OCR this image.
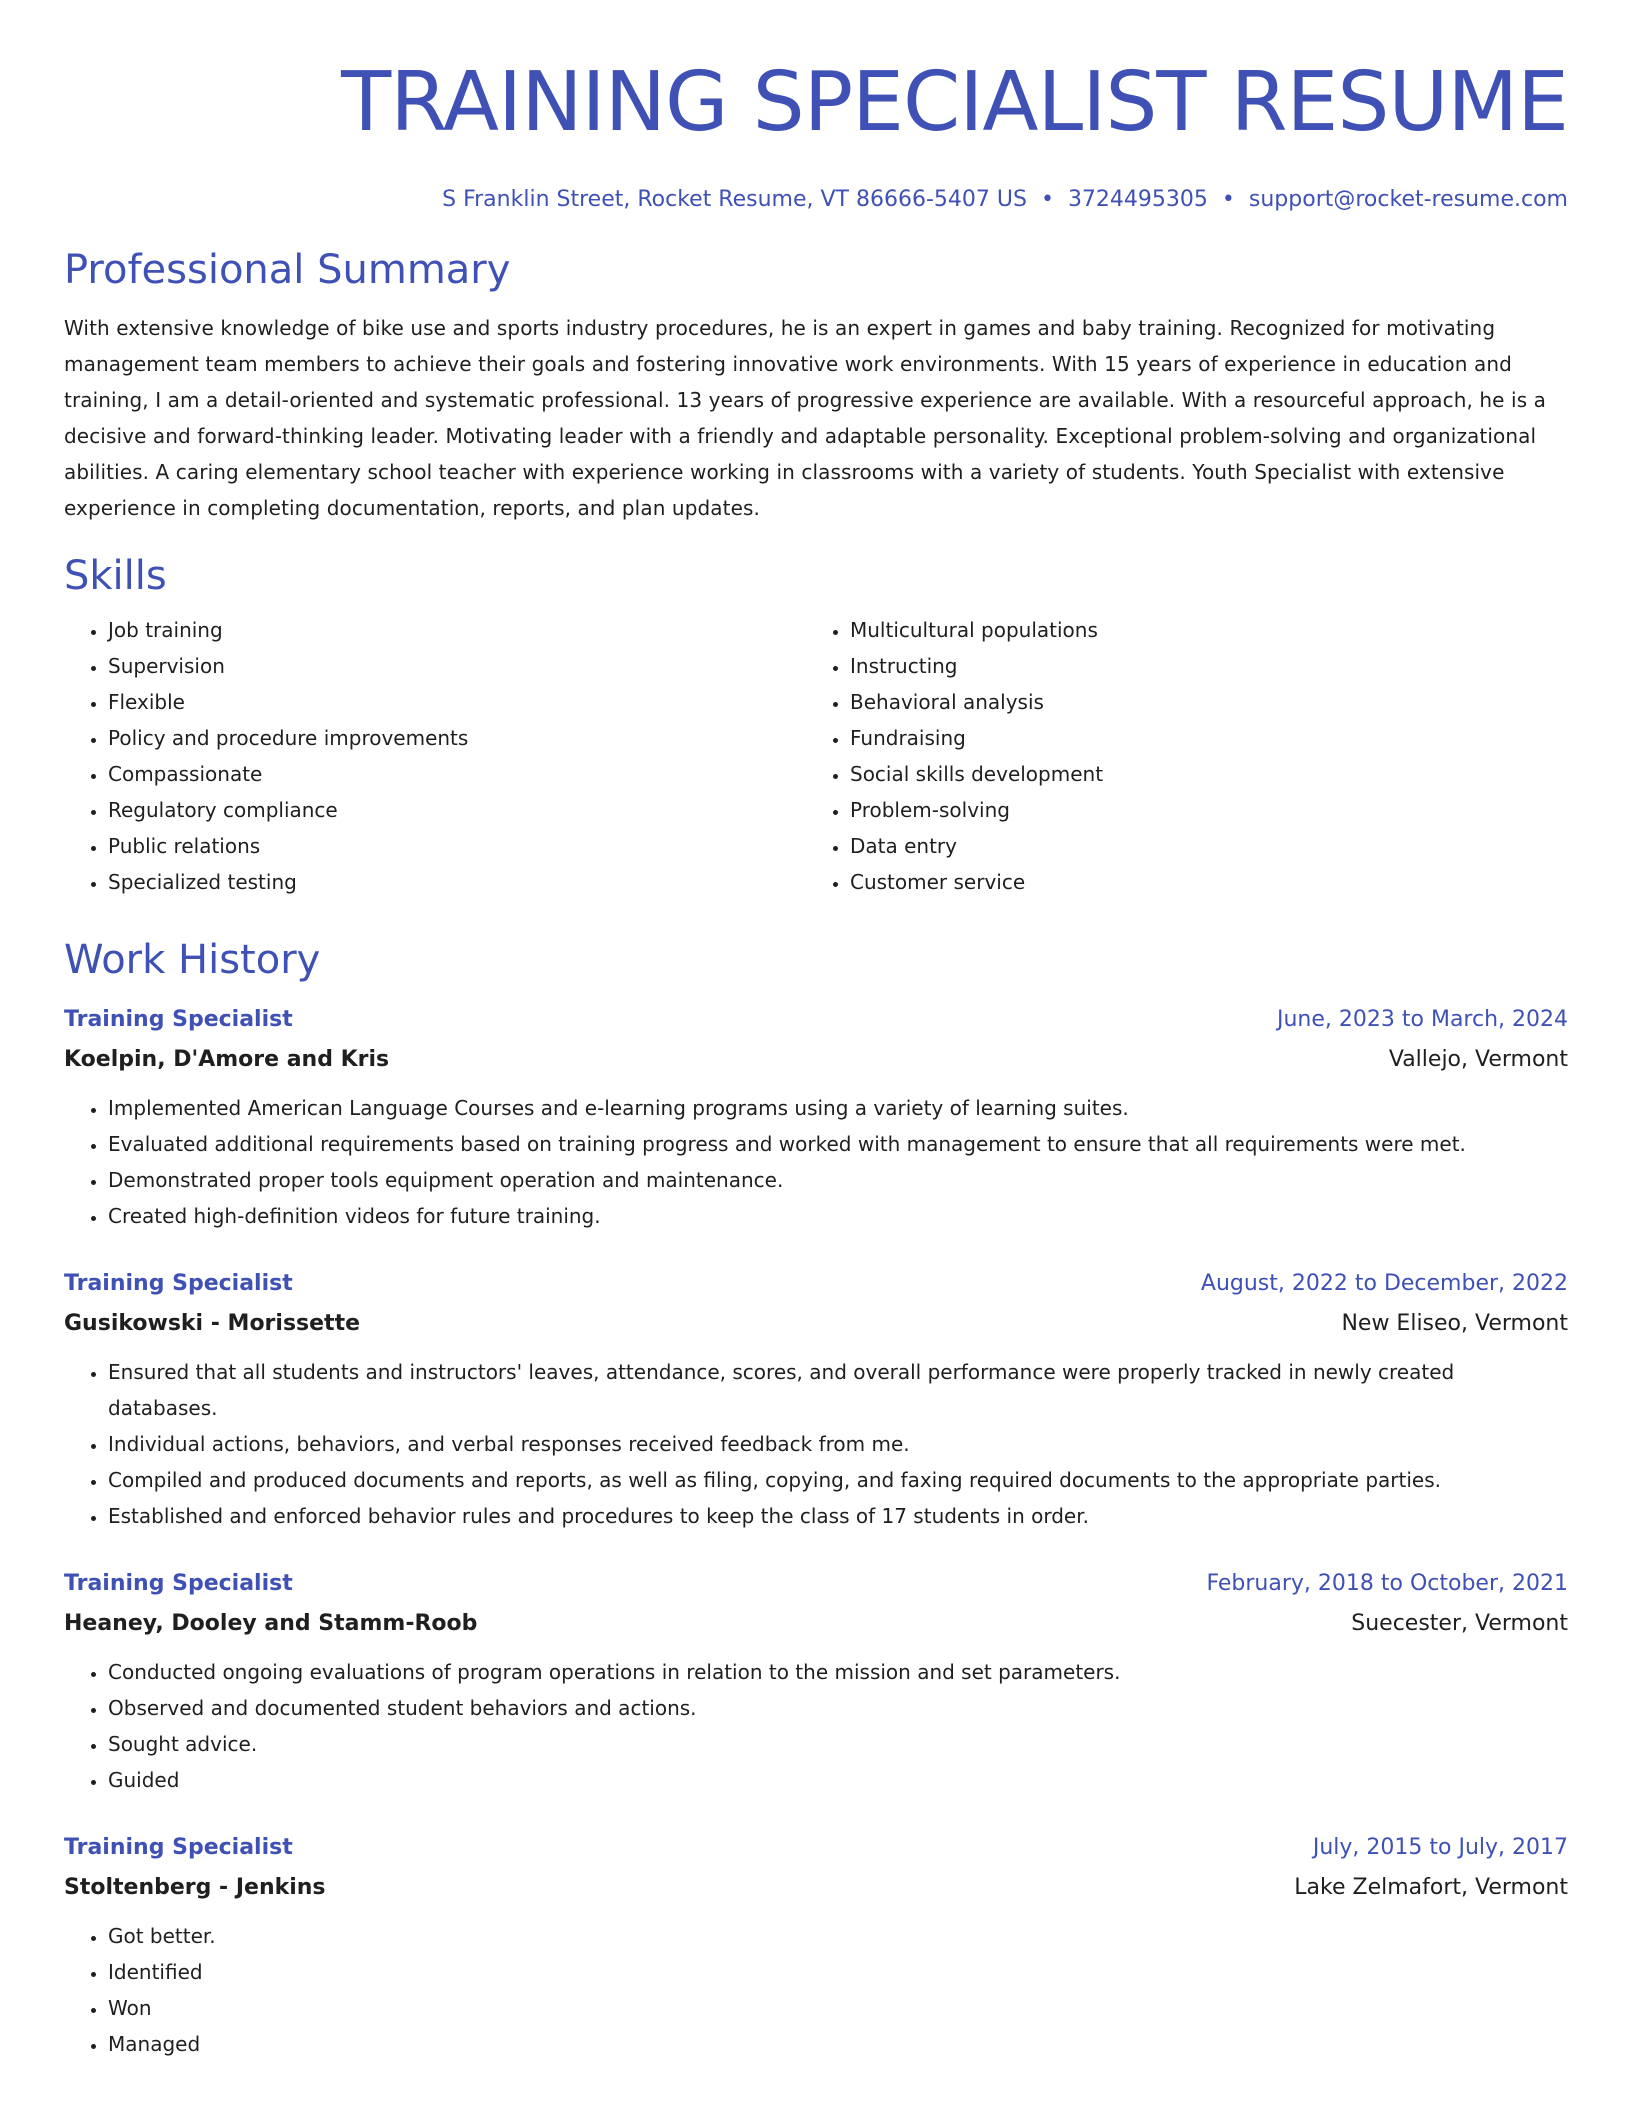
TRAINING SPECIALIST RESUME
S Franklin Street, Rocket Resume, VT 86666-5407 US • 3724495305 • support@rocket-resume.com
Professional Summary
With extensive knowledge of bike use and sports industry procedures, he is an expert in games and baby training. Recognized for motivating management team members to achieve their goals and fostering innovative work environments. With 15 years of experience in education and training, I am a detail-oriented and systematic professional. 13 years of progressive experience are available. With a resourceful approach, he is a decisive and forward-thinking leader. Motivating leader with a friendly and adaptable personality. Exceptional problem-solving and organizational abilities. A caring elementary school teacher with experience working in classrooms with a variety of students. Youth Specialist with extensive experience in completing documentation, reports, and plan updates.
Skills
• Job training
• Supervision
• Flexible
• Policy and procedure improvements
• Compassionate
• Regulatory compliance
• Public relations
• Specialized testing
• Multicultural populations
• Instructing
• Behavioral analysis
• Fundraising
• Social skills development
• Problem-solving
• Data entry
• Customer service
Work History
Training Specialist	June, 2023 to March, 2024
Koelpin, D'Amore and Kris	Vallejo, Vermont
• Implemented American Language Courses and e-learning programs using a variety of learning suites.
• Evaluated additional requirements based on training progress and worked with management to ensure that all requirements were met.
• Demonstrated proper tools equipment operation and maintenance.
• Created high-definition videos for future training.
Training Specialist	August, 2022 to December, 2022
Gusikowski - Morissette	New Eliseo, Vermont
• Ensured that all students and instructors' leaves, attendance, scores, and overall performance were properly tracked in newly created databases.
• Individual actions, behaviors, and verbal responses received feedback from me.
• Compiled and produced documents and reports, as well as filing, copying, and faxing required documents to the appropriate parties.
• Established and enforced behavior rules and procedures to keep the class of 17 students in order.
Training Specialist	February, 2018 to October, 2021
Heaney, Dooley and Stamm-Roob	Suecester, Vermont
• Conducted ongoing evaluations of program operations in relation to the mission and set parameters.
• Observed and documented student behaviors and actions.
• Sought advice.
• Guided
Training Specialist	July, 2015 to July, 2017
Stoltenberg - Jenkins	Lake Zelmafort, Vermont
• Got better.
• Identified
• Won
• Managed
